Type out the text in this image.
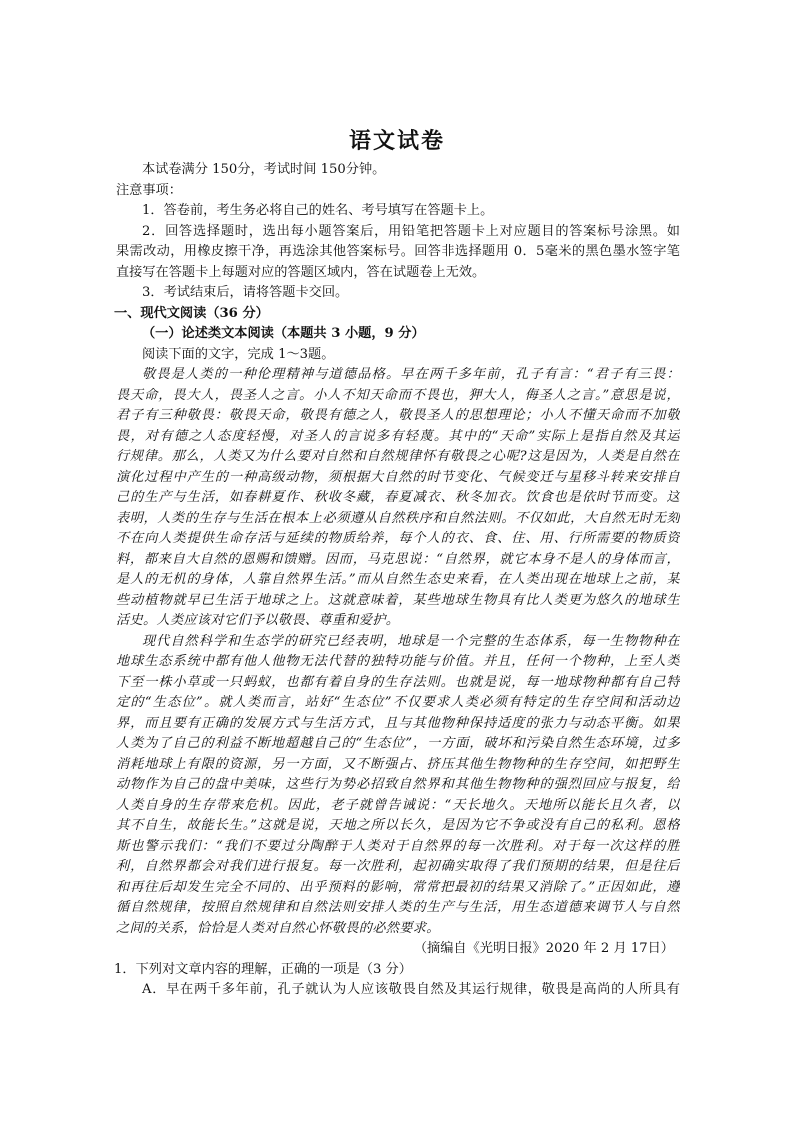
语文试卷
本试卷满分 150分，考试时间 150分钟。
注意事项：
1．答卷前，考生务必将自己的姓名、考号填写在答题卡上。
2．回答选择题时，选出每小题答案后，用铅笔把答题卡上对应题目的答案标号涂黑。如
果需改动，用橡皮擦干净，再选涂其他答案标号。回答非选择题用 0．5毫米的黑色墨水签字笔
直接写在答题卡上每题对应的答题区域内，答在试题卷上无效。
3．考试结束后，请将答题卡交回。
一、现代文阅读（36 分）
（一）论述类文本阅读（本题共 3 小题，9 分）
阅读下面的文字，完成 1～3题。
敬畏是人类的一种伦理精神与道德品格。早在两千多年前，孔子有言：“君子有三畏：
畏天命，畏大人，畏圣人之言。小人不知天命而不畏也，狎大人，侮圣人之言。”意思是说，
君子有三种敬畏：敬畏天命，敬畏有德之人，敬畏圣人的思想理论；小人不懂天命而不加敬
畏，对有德之人态度轻慢，对圣人的言说多有轻蔑。其中的“天命”实际上是指自然及其运
行规律。那么，人类又为什么要对自然和自然规律怀有敬畏之心呢?这是因为，人类是自然在
演化过程中产生的一种高级动物，须根据大自然的时节变化、气候变迁与星移斗转来安排自
己的生产与生活，如春耕夏作、秋收冬藏，春夏减衣、秋冬加衣。饮食也是依时节而变。这
表明，人类的生存与生活在根本上必须遵从自然秩序和自然法则。不仅如此，大自然无时无刻
不在向人类提供生命存活与延续的物质给养，每个人的衣、食、住、用、行所需要的物质资
料，都来自大自然的恩赐和馈赠。因而，马克思说：“自然界，就它本身不是人的身体而言，
是人的无机的身体，人靠自然界生活。”而从自然生态史来看，在人类出现在地球上之前，某
些动植物就早已生活于地球之上。这就意味着，某些地球生物具有比人类更为悠久的地球生
活史。人类应该对它们予以敬畏、尊重和爱护。
现代自然科学和生态学的研究已经表明，地球是一个完整的生态体系，每一生物物种在
地球生态系统中都有他人他物无法代替的独特功能与价值。并且，任何一个物种，上至人类
下至一株小草或一只蚂蚁，也都有着自身的生存法则。也就是说，每一地球物种都有自己特
定的“生态位”。就人类而言，站好“生态位”不仅要求人类必须有特定的生存空间和活动边
界，而且要有正确的发展方式与生活方式，且与其他物种保持适度的张力与动态平衡。如果
人类为了自己的利益不断地超越自己的“生态位”，一方面，破坏和污染自然生态环境，过多
消耗地球上有限的资源，另一方面，又不断强占、挤压其他生物物种的生存空间，如把野生
动物作为自己的盘中美味，这些行为势必招致自然界和其他生物物种的强烈回应与报复，给
人类自身的生存带来危机。因此，老子就曾告诫说：“天长地久。天地所以能长且久者，以
其不自生，故能长生。”这就是说，天地之所以长久，是因为它不争或没有自己的私利。恩格
斯也警示我们：“我们不要过分陶醉于人类对于自然界的每一次胜利。对于每一次这样的胜
利，自然界都会对我们进行报复。每一次胜利，起初确实取得了我们预期的结果，但是往后
和再往后却发生完全不同的、出乎预料的影响，常常把最初的结果又消除了。”正因如此，遵
循自然规律，按照自然规律和自然法则安排人类的生产与生活，用生态道德来调节人与自然
之间的关系，恰恰是人类对自然心怀敬畏的必然要求。
（摘编自《光明日报》2020 年 2 月 17日）
1．下列对文章内容的理解，正确的一项是（3 分）
A．早在两千多年前，孔子就认为人应该敬畏自然及其运行规律，敬畏是高尚的人所具有
